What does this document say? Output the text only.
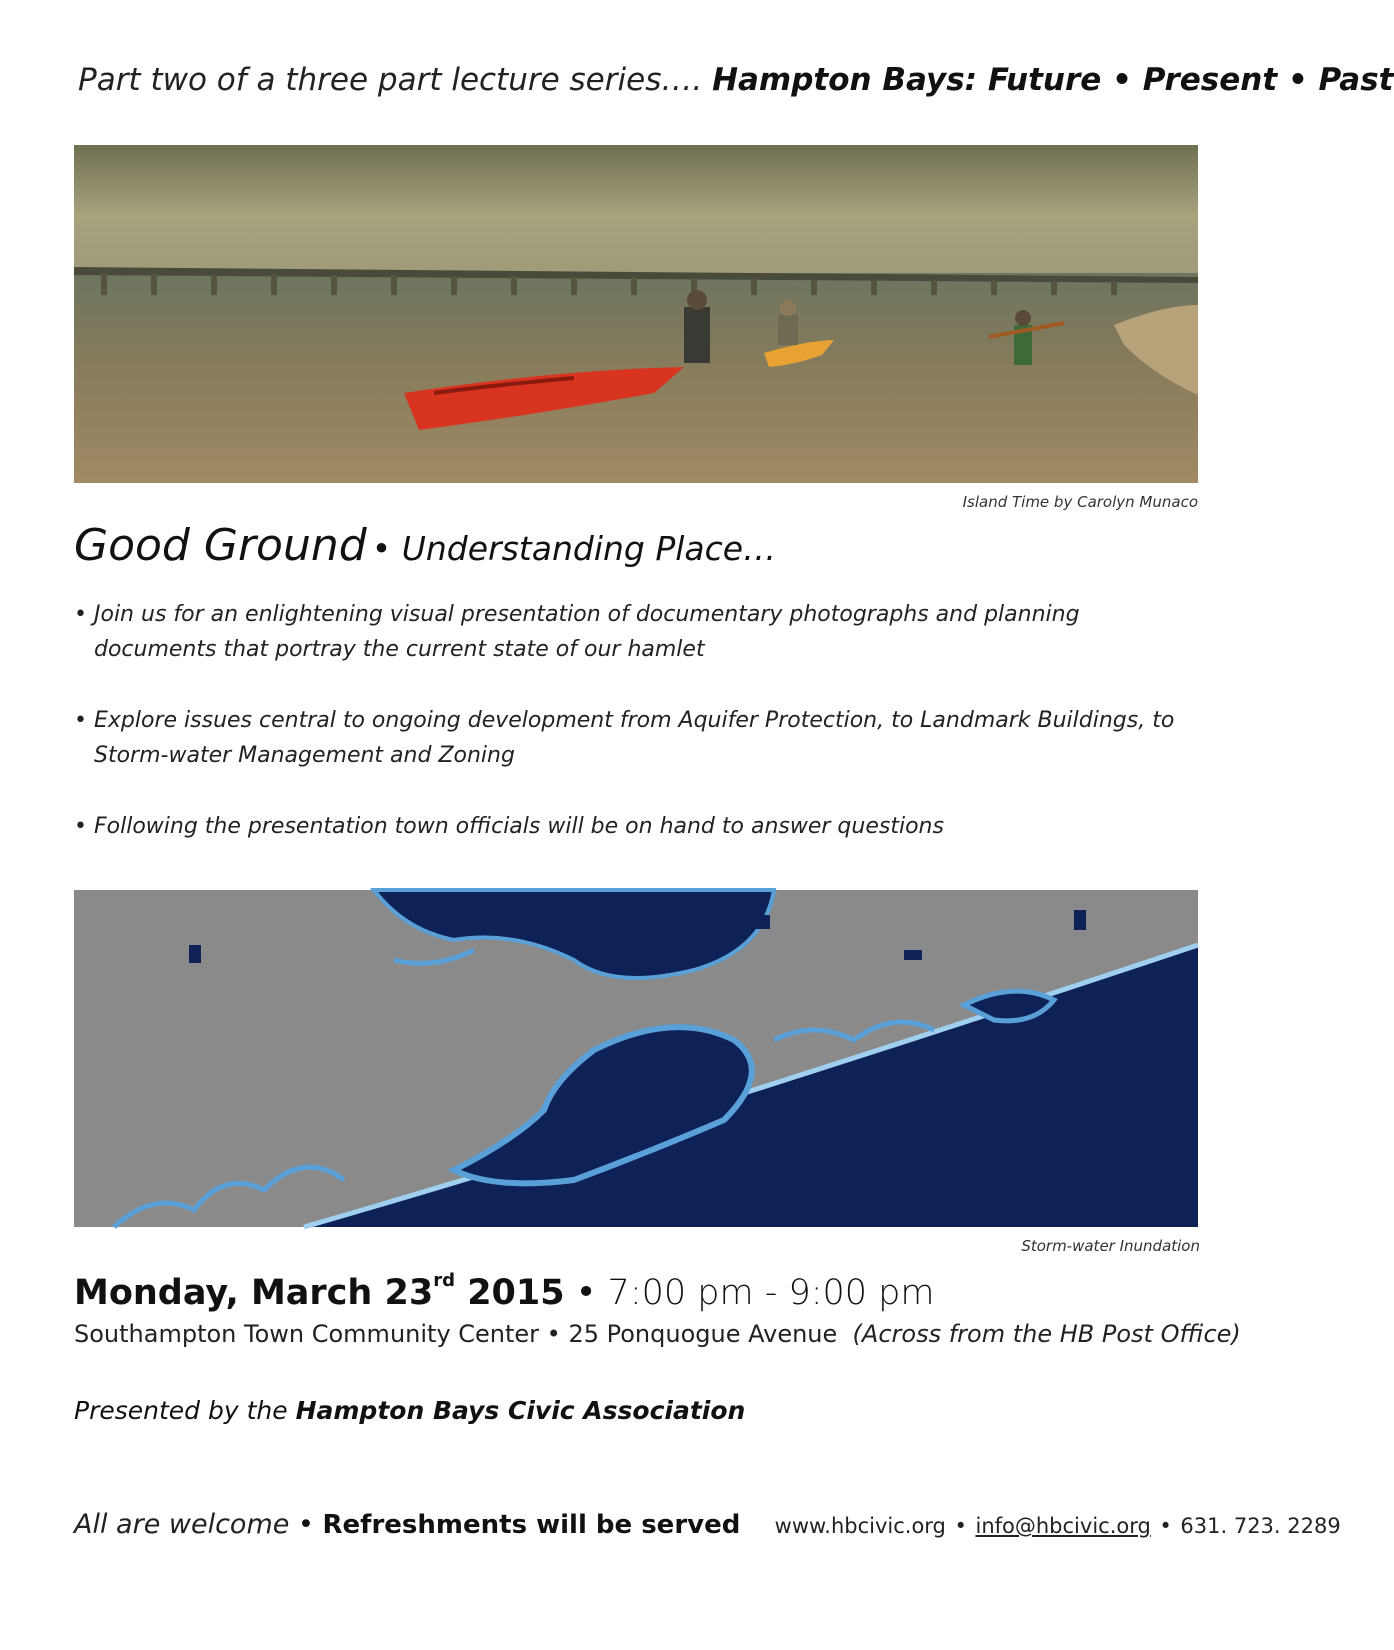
Part two of a three part lecture series…. Hampton Bays: Future • Present • Past
Island Time by Carolyn Munaco
Good Ground • Understanding Place…
• Join us for an enlightening visual presentation of documentary photographs and planning documents that portray the current state of our hamlet
• Explore issues central to ongoing development from Aquifer Protection, to Landmark Buildings, to Storm-water Management and Zoning
• Following the presentation town officials will be on hand to answer questions
Storm-water Inundation
Monday, March 23rd 2015 • 7:00 pm - 9:00 pm
Southampton Town Community Center • 25 Ponquogue Avenue (Across from the HB Post Office)
Presented by the Hampton Bays Civic Association
All are welcome • Refreshments will be served www.hbcivic.org • info@hbcivic.org • 631. 723. 2289
